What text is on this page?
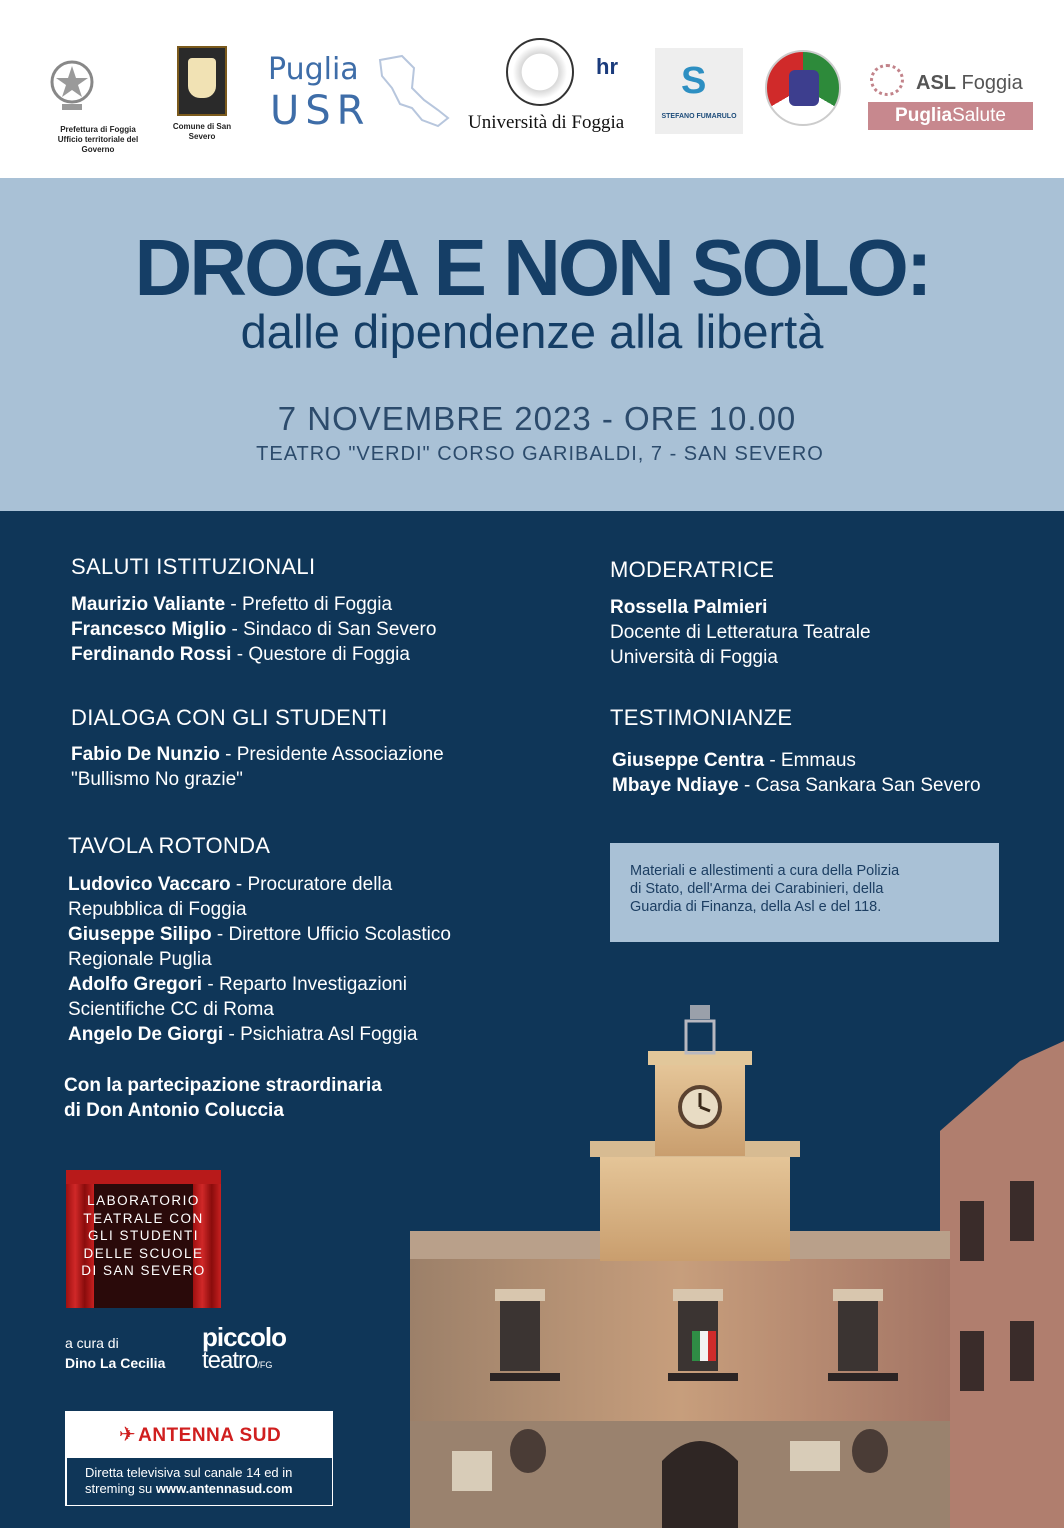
Prefettura di Foggia
Ufficio territoriale del Governo
Comune di San Severo
Puglia
USR
hr
Università di Foggia
S
STEFANO FUMARULO
ASL Foggia
PugliaSalute
DROGA E NON SOLO:
dalle dipendenze alla libertà
7 NOVEMBRE 2023 - ORE 10.00
TEATRO "VERDI" CORSO GARIBALDI, 7 - SAN SEVERO
SALUTI ISTITUZIONALI
Maurizio Valiante - Prefetto di Foggia
Francesco Miglio - Sindaco di San Severo
Ferdinando Rossi - Questore di Foggia
DIALOGA CON GLI STUDENTI
Fabio De Nunzio - Presidente Associazione
"Bullismo No grazie"
TAVOLA ROTONDA
Ludovico Vaccaro - Procuratore della
Repubblica di Foggia
Giuseppe Silipo - Direttore Ufficio Scolastico
Regionale Puglia
Adolfo Gregori - Reparto Investigazioni
Scientifiche CC di Roma
Angelo De Giorgi - Psichiatra Asl Foggia
Con la partecipazione straordinaria
di Don Antonio Coluccia
LABORATORIO
TEATRALE CON
GLI STUDENTI
DELLE SCUOLE
DI SAN SEVERO
a cura di
Dino La Cecilia
piccolo
teatro/FG
✈ ANTENNA SUD
Diretta televisiva sul canale 14 ed in
streming su www.antennasud.com
MODERATRICE
Rossella Palmieri
Docente di Letteratura Teatrale
Università di Foggia
TESTIMONIANZE
Giuseppe Centra - Emmaus
Mbaye Ndiaye - Casa Sankara San Severo
Materiali e allestimenti a cura della Polizia
di Stato, dell'Arma dei Carabinieri, della
Guardia di Finanza, della Asl e del 118.
